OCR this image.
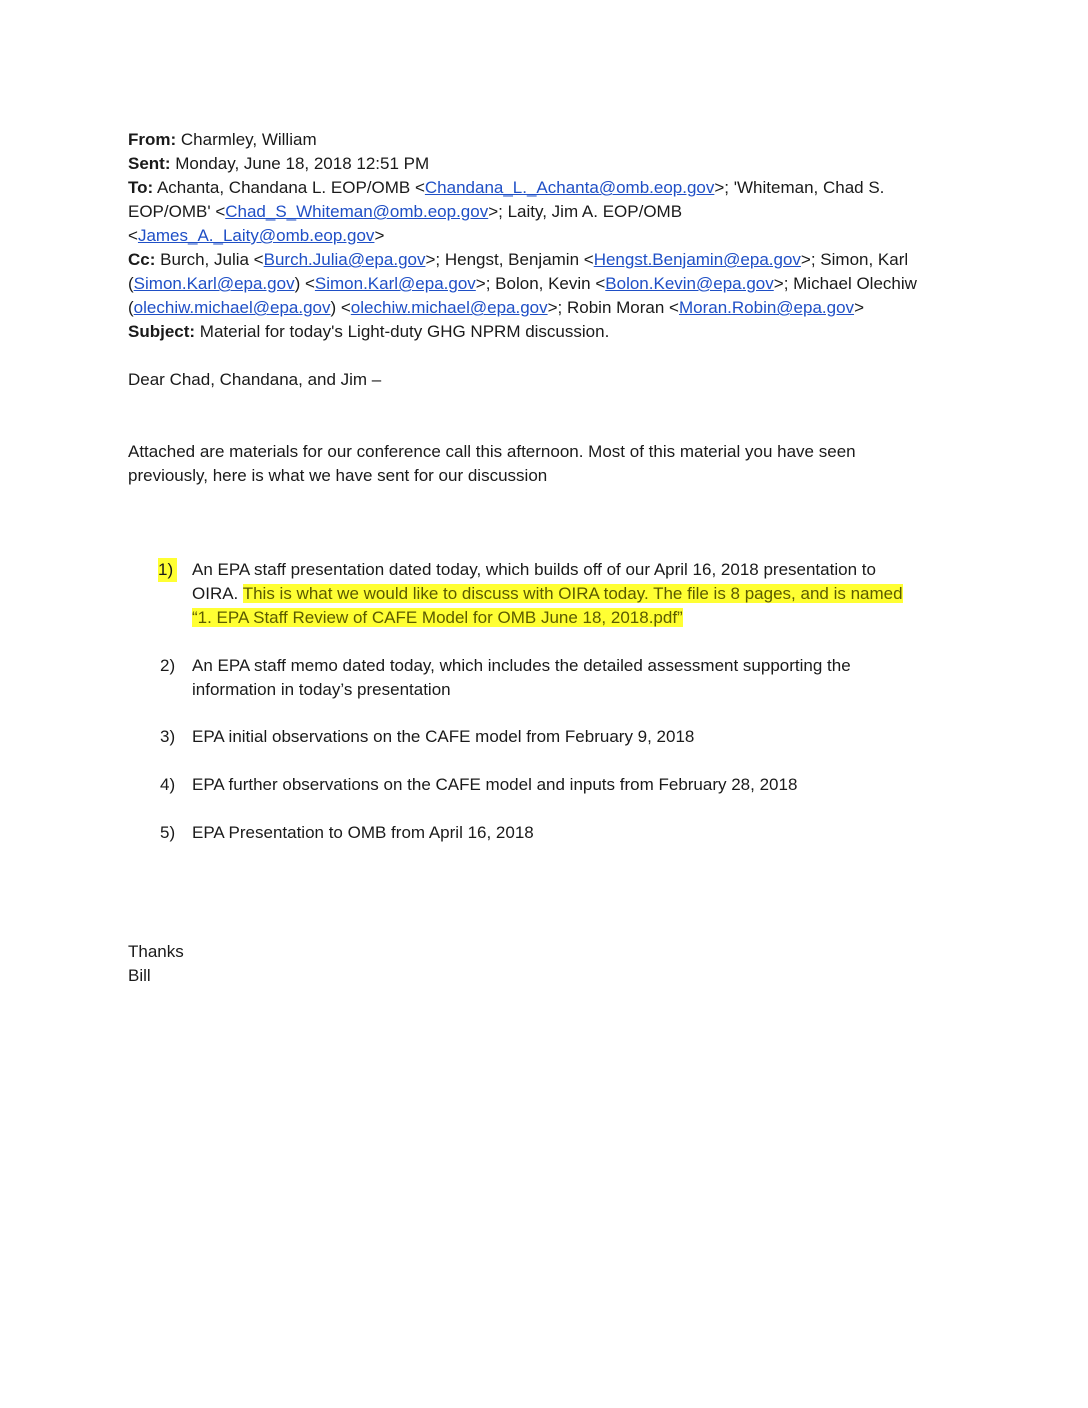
From: Charmley, William
Sent: Monday, June 18, 2018 12:51 PM
To: Achanta, Chandana L. EOP/OMB <Chandana_L._Achanta@omb.eop.gov>; 'Whiteman, Chad S.
EOP/OMB' <Chad_S_Whiteman@omb.eop.gov>; Laity, Jim A. EOP/OMB
<James_A._Laity@omb.eop.gov>
Cc: Burch, Julia <Burch.Julia@epa.gov>; Hengst, Benjamin <Hengst.Benjamin@epa.gov>; Simon, Karl
(Simon.Karl@epa.gov) <Simon.Karl@epa.gov>; Bolon, Kevin <Bolon.Kevin@epa.gov>; Michael Olechiw
(olechiw.michael@epa.gov) <olechiw.michael@epa.gov>; Robin Moran <Moran.Robin@epa.gov>
Subject: Material for today's Light-duty GHG NPRM discussion.
Dear Chad, Chandana, and Jim –
Attached are materials for our conference call this afternoon. Most of this material you have seen
previously, here is what we have sent for our discussion
1) An EPA staff presentation dated today, which builds off of our April 16, 2018 presentation to
OIRA. This is what we would like to discuss with OIRA today. The file is 8 pages, and is named
“1. EPA Staff Review of CAFE Model for OMB June 18, 2018.pdf”
2) An EPA staff memo dated today, which includes the detailed assessment supporting the
information in today’s presentation
3) EPA initial observations on the CAFE model from February 9, 2018
4) EPA further observations on the CAFE model and inputs from February 28, 2018
5) EPA Presentation to OMB from April 16, 2018
Thanks
Bill
